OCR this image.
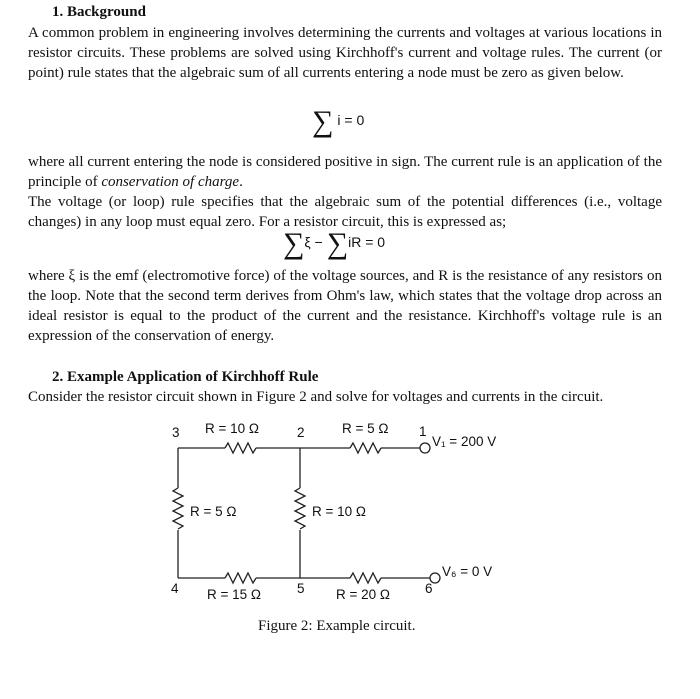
1. Background

A common problem in engineering involves determining the currents and voltages at various locations in resistor circuits. These problems are solved using Kirchhoff's current and voltage rules. The current (or point) rule states that the algebraic sum of all currents entering a node must be zero as given below.

∑ i = 0

where all current entering the node is considered positive in sign. The current rule is an application of the principle of conservation of charge.

The voltage (or loop) rule specifies that the algebraic sum of the potential differences (i.e., voltage changes) in any loop must equal zero. For a resistor circuit, this is expressed as;

∑ξ − ∑iR = 0

where ξ is the emf (electromotive force) of the voltage sources, and R is the resistance of any resistors on the loop. Note that the second term derives from Ohm's law, which states that the voltage drop across an ideal resistor is equal to the product of the current and the resistance. Kirchhoff's voltage rule is an expression of the conservation of energy.

2. Example Application of Kirchhoff Rule

Consider the resistor circuit shown in Figure 2 and solve for voltages and currents in the circuit.

R = 10 Ω	R = 5 Ω
R = 5 Ω	R = 10 Ω
R = 15 Ω	R = 20 Ω
V₁ = 200 V
V₆ = 0 V
1
2
3
4	5	6
Figure 2: Example circuit.
